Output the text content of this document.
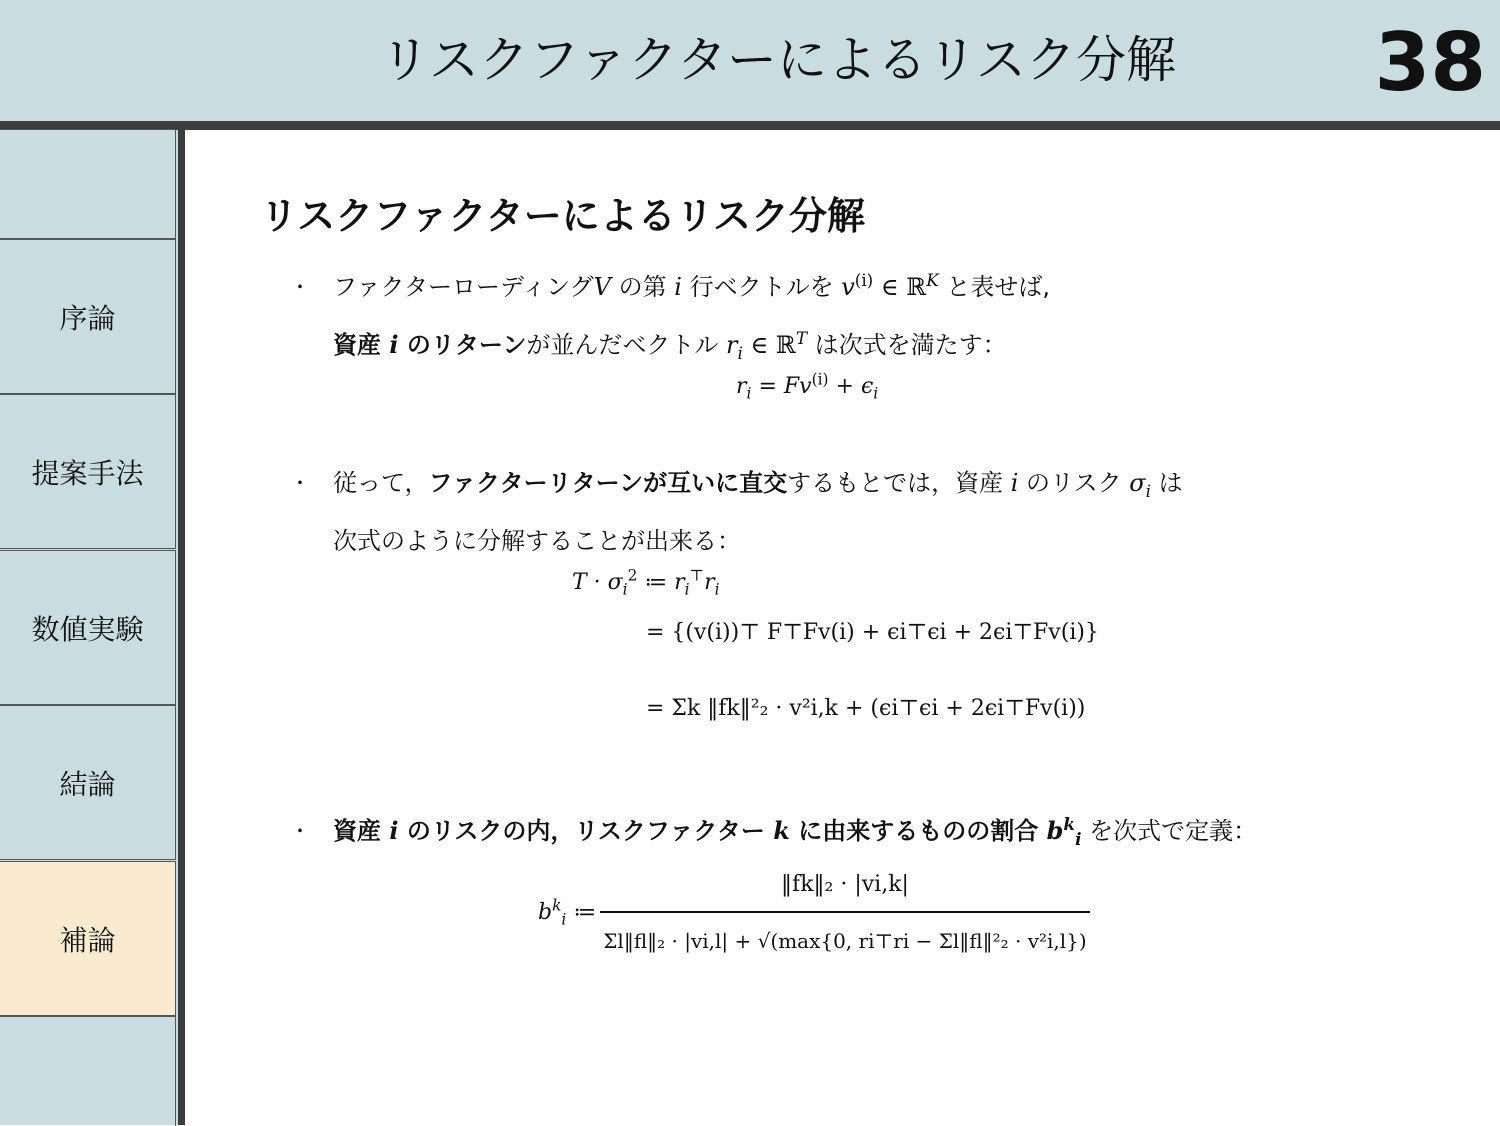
リスクファクターによるリスク分解	38
序論
提案手法
数値実験
結論
補論
リスクファクターによるリスク分解
・ ファクターローディングV の第 i 行ベクトルを $v^{(i)}$ ∈ ℝ$^K$ と表せば,
資産 i のリターンが並んだベクトル $r_i$ ∈ ℝ$^T$ は次式を満たす：
$r_i = Fv^{(i)} + \epsilon_i$
・ 従って，ファクターリターンが互いに直交するもとでは，資産 i のリスク $\sigma_i$ は
次式のように分解することが出来る：
$T \cdot \sigma_i^2$ ≔ $r_i^⊤r_i$
= {(v(i))⊤ F⊤Fv(i) + ϵi⊤ϵi + 2ϵi⊤Fv(i)}
= Σk ‖fk‖²₂ · v²i,k + (ϵi⊤ϵi + 2ϵi⊤Fv(i))
・ 資産 i のリスクの内，リスクファクター k に由来するものの割合 $b^k_i$ を次式で定義：
$b^k_i$ ≔
‖fk‖₂ · |vi,k|
Σl‖fl‖₂ · |vi,l| + √(max{0, ri⊤ri − Σl‖fl‖²₂ · v²i,l})
